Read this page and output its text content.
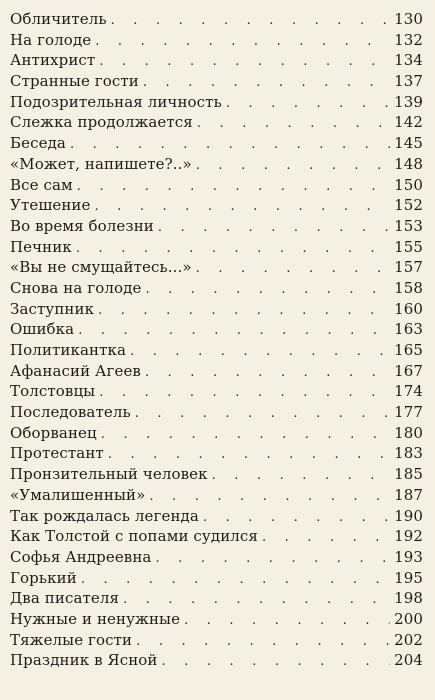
Обличитель . . .	130
На голоде . . .	132
Антихрист . . .	134
Странные гости . . .	137
Подозрительная личность . . .	139
Слежка продолжается . . .	142
Беседа . . .	145
«Может, напишете?..» . . .	148
Все сам . . .	150
Утешение . . .	152
Во время болезни . . .	153
Печник . . .	155
«Вы не смущайтесь...» . . .	157
Снова на голоде . . .	158
Заступник . . .	160
Ошибка . . .	163
Политикантка . . .	165
Афанасий Агеев . . .	167
Толстовцы . . .	174
Последователь . . .	177
Оборванец . . .	180
Протестант . . .	183
Пронзительный человек . . .	185
«Умалишенный» . . .	187
Так рождалась легенда . . .	190
Как Толстой с попами судился . . .	192
Софья Андреевна . . .	193
Горький . . .	195
Два писателя . . .	198
Нужные и ненужные . . .	200
Тяжелые гости . . .	202
Праздник в Ясной . . .	204
